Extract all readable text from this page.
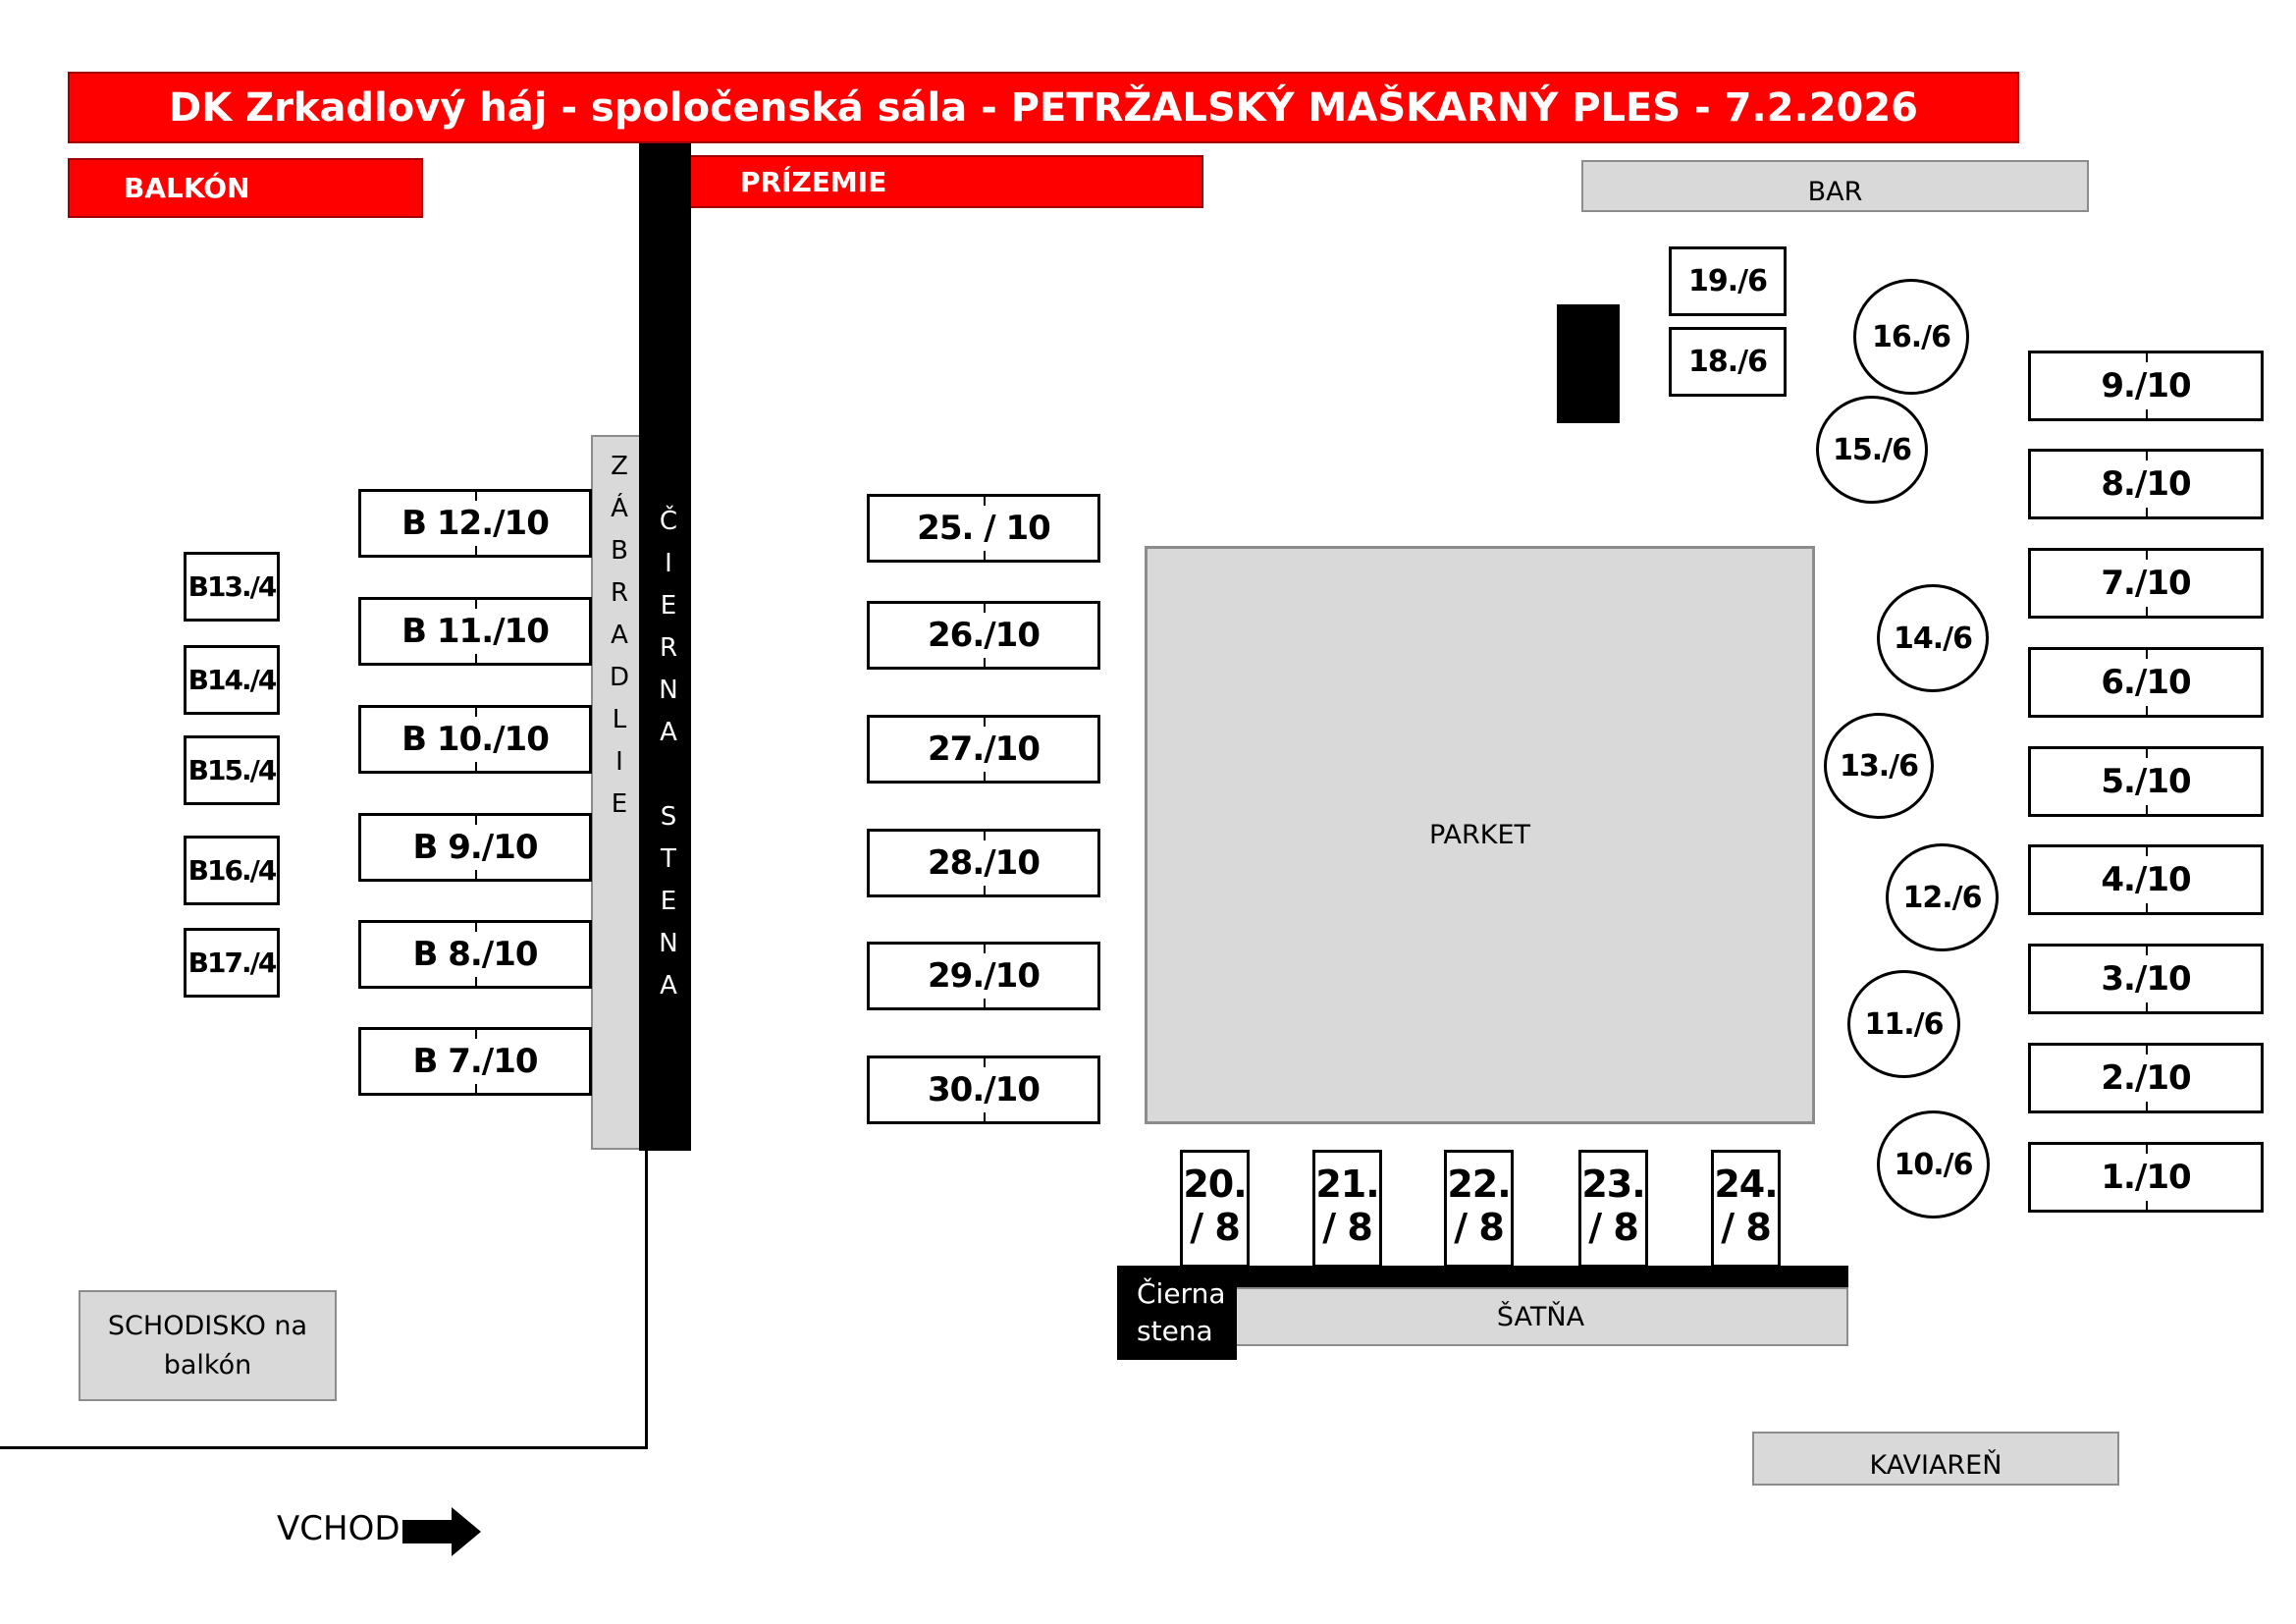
DK Zrkadlový háj - spoločenská sála - PETRŽALSKÝ MAŠKARNÝ PLES - 7.2.2026
BALKÓN	PRÍZEMIE	BAR
Z
Á
B
R
A
D
L
I
E
Č
I
E
R
N
A
S
T
E
N
A
SCHODISKO na
balkón
B13./4
B14./4
B15./4
B16./4
B17./4
B 12./10
B 11./10
B 10./10
B 9./10
B 8./10
B 7./10
25. / 10
26./10
27./10
28./10
29./10
30./10
PARKET
19./6
18./6
16./6
15./6
14./6
13./6
12./6
11./6
10./6
9./10
8./10
7./10
6./10
5./10
4./10
3./10
2./10
1./10
20.
/ 8
21.
/ 8
22.
/ 8
23.
/ 8
24.
/ 8
ŠATŇA
Čierna
stena
KAVIAREŇ
VCHOD
